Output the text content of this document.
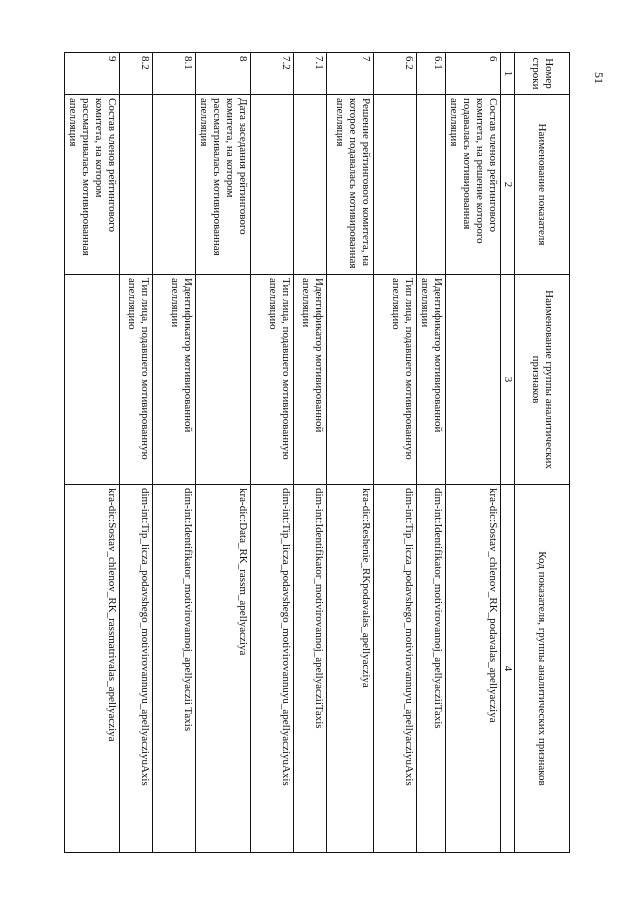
51
Номер строки	Наименование показателя	Наименование группы аналитических признаков	Код показателя, группы аналитических признаков
1	2	3	4
6	Состав членов рейтингового комитета, на решение которого подавалась мотивированная апелляция		kra-dic:Sostav_chlenov_RK_podavalas_apellyacziya
6.1		Идентификатор мотивированной апелляции	dim-int:Identifikator_motivirovannoj_apellyacziiTaxis
6.2		Тип лица, подавшего мотивированную апелляцию	dim-int:Tip_licza_podavshego_motivirovannuyu_apellyacziyuAxis
7	Решение рейтингового комитета, на которое подавалась мотивированная апелляция		kra-dic:Reshenie_RKpodavalas_apellyacziya
7.1		Идентификатор мотивированной апелляции	dim-int:Identifikator_motivirovannoj_apellyacziiTaxis
7.2		Тип лица, подавшего мотивированную апелляцию	dim-int:Tip_licza_podavshego_motivirovannuyu_apellyacziyuAxis
8	Дата заседания рейтингового комитета, на котором рассматривалась мотивированная апелляция		kra-dic:Data_RK_rassm_apellyacziya
8.1		Идентификатор мотивированной апелляции	dim-int:Identifikator_motivirovannoj_apellyaczii Taxis
8.2		Тип лица, подавшего мотивированную апелляцию	dim-int:Tip_licza_podavshego_motivirovannuyu_apellyacziyuAxis
9	Состав членов рейтингового комитета, на котором рассматривалась мотивированная апелляция		kra-dic:Sostav_chlenov_RK_rassmatrivalas_apellyacziya
